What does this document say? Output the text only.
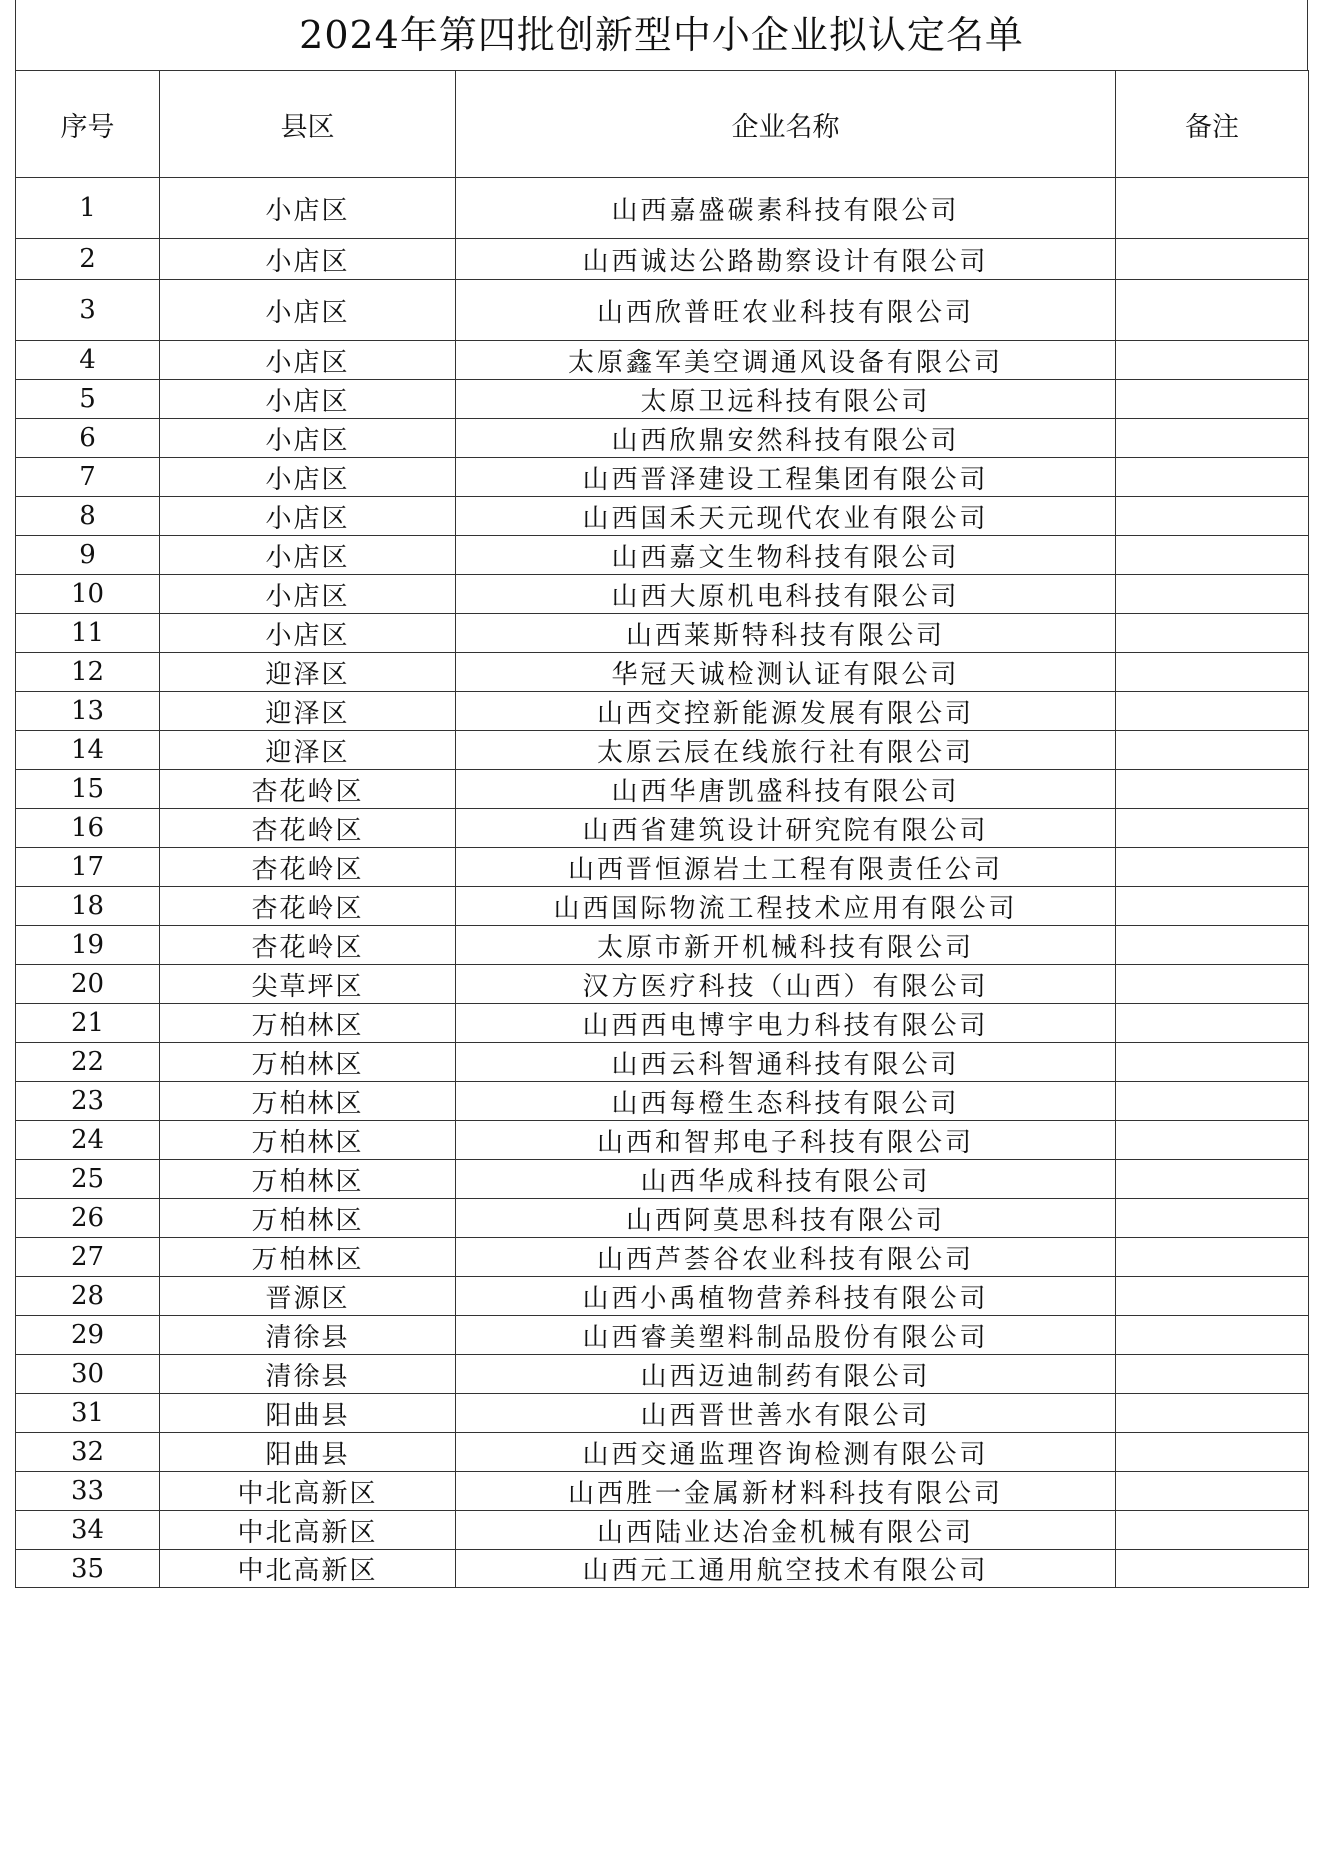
2024年第四批创新型中小企业拟认定名单
序号	县区	企业名称	备注
1	小店区	山西嘉盛碳素科技有限公司	
2	小店区	山西诚达公路勘察设计有限公司	
3	小店区	山西欣普旺农业科技有限公司	
4	小店区	太原鑫军美空调通风设备有限公司	
5	小店区	太原卫远科技有限公司	
6	小店区	山西欣鼎安然科技有限公司	
7	小店区	山西晋泽建设工程集团有限公司	
8	小店区	山西国禾天元现代农业有限公司	
9	小店区	山西嘉文生物科技有限公司	
10	小店区	山西大原机电科技有限公司	
11	小店区	山西莱斯特科技有限公司	
12	迎泽区	华冠天诚检测认证有限公司	
13	迎泽区	山西交控新能源发展有限公司	
14	迎泽区	太原云辰在线旅行社有限公司	
15	杏花岭区	山西华唐凯盛科技有限公司	
16	杏花岭区	山西省建筑设计研究院有限公司	
17	杏花岭区	山西晋恒源岩土工程有限责任公司	
18	杏花岭区	山西国际物流工程技术应用有限公司	
19	杏花岭区	太原市新开机械科技有限公司	
20	尖草坪区	汉方医疗科技（山西）有限公司	
21	万柏林区	山西西电博宇电力科技有限公司	
22	万柏林区	山西云科智通科技有限公司	
23	万柏林区	山西每橙生态科技有限公司	
24	万柏林区	山西和智邦电子科技有限公司	
25	万柏林区	山西华成科技有限公司	
26	万柏林区	山西阿莫思科技有限公司	
27	万柏林区	山西芦荟谷农业科技有限公司	
28	晋源区	山西小禹植物营养科技有限公司	
29	清徐县	山西睿美塑料制品股份有限公司	
30	清徐县	山西迈迪制药有限公司	
31	阳曲县	山西晋世善水有限公司	
32	阳曲县	山西交通监理咨询检测有限公司	
33	中北高新区	山西胜一金属新材料科技有限公司	
34	中北高新区	山西陆业达冶金机械有限公司	
35	中北高新区	山西元工通用航空技术有限公司	
